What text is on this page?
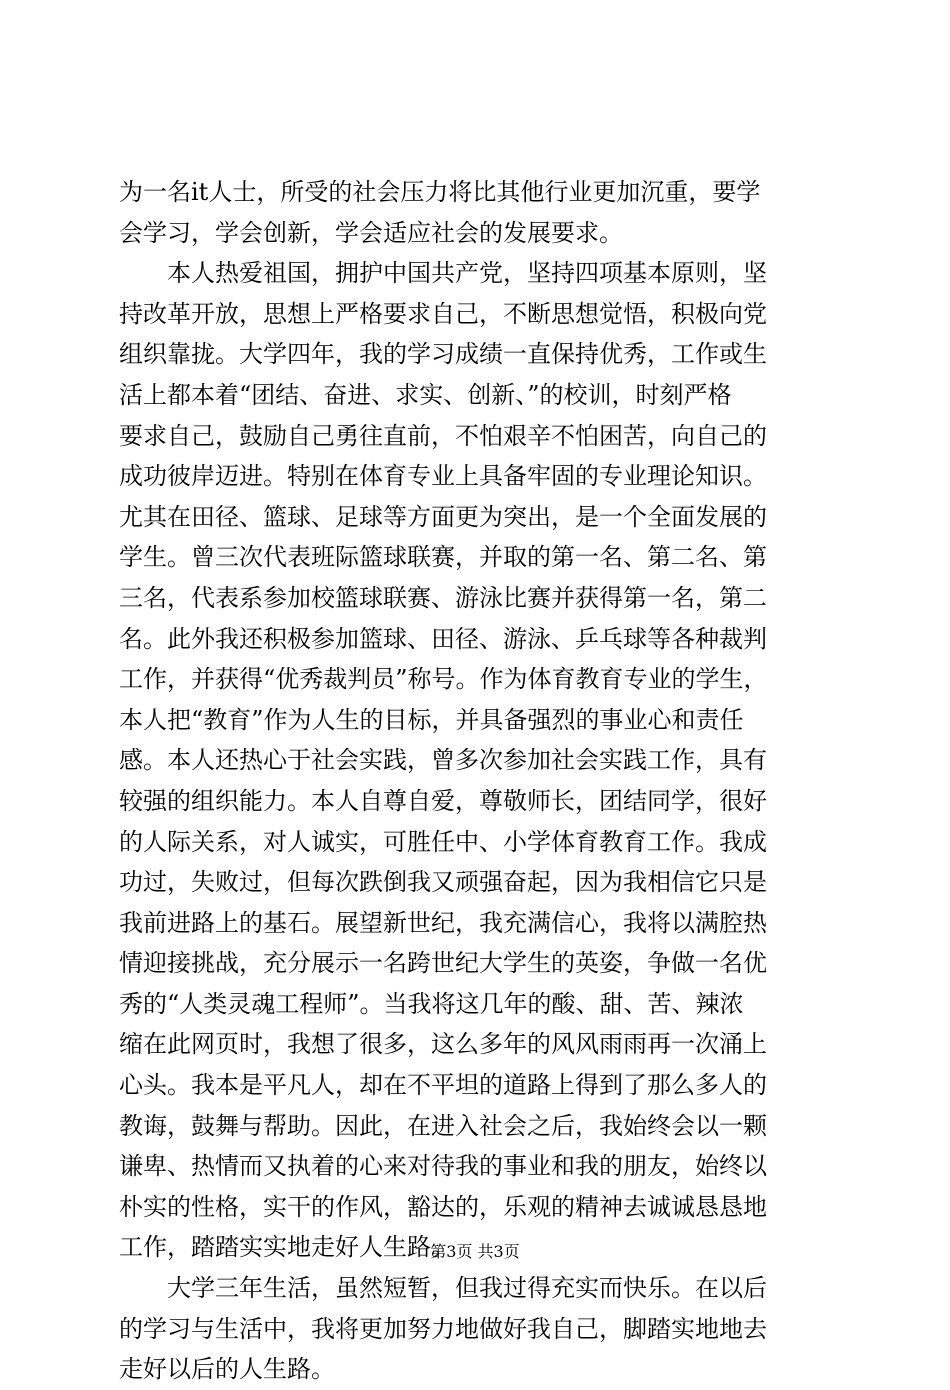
为一名it人士，所受的社会压力将比其他行业更加沉重，要学
会学习，学会创新，学会适应社会的发展要求。
本人热爱祖国，拥护中国共产党，坚持四项基本原则，坚
持改革开放，思想上严格要求自己，不断思想觉悟，积极向党
组织靠拢。大学四年，我的学习成绩一直保持优秀，工作或生
活上都本着“团结、奋进、求实、创新、”的校训，时刻严格
要求自己，鼓励自己勇往直前，不怕艰辛不怕困苦，向自己的
成功彼岸迈进。特别在体育专业上具备牢固的专业理论知识。
尤其在田径、篮球、足球等方面更为突出，是一个全面发展的
学生。曾三次代表班际篮球联赛，并取的第一名、第二名、第
三名，代表系参加校篮球联赛、游泳比赛并获得第一名，第二
名。此外我还积极参加篮球、田径、游泳、乒乓球等各种裁判
工作，并获得“优秀裁判员”称号。作为体育教育专业的学生，
本人把“教育”作为人生的目标，并具备强烈的事业心和责任
感。本人还热心于社会实践，曾多次参加社会实践工作，具有
较强的组织能力。本人自尊自爱，尊敬师长，团结同学，很好
的人际关系，对人诚实，可胜任中、小学体育教育工作。我成
功过，失败过，但每次跌倒我又顽强奋起，因为我相信它只是
我前进路上的基石。展望新世纪，我充满信心，我将以满腔热
情迎接挑战，充分展示一名跨世纪大学生的英姿，争做一名优
秀的“人类灵魂工程师”。当我将这几年的酸、甜、苦、辣浓
缩在此网页时，我想了很多，这么多年的风风雨雨再一次涌上
心头。我本是平凡人，却在不平坦的道路上得到了那么多人的
教诲，鼓舞与帮助。因此，在进入社会之后，我始终会以一颗
谦卑、热情而又执着的心来对待我的事业和我的朋友，始终以
朴实的性格，实干的作风，豁达的，乐观的精神去诚诚恳恳地
工作，踏踏实实地走好人生路。
大学三年生活，虽然短暂，但我过得充实而快乐。在以后
的学习与生活中，我将更加努力地做好我自己，脚踏实地地去
走好以后的人生路。
第3页 共3页
